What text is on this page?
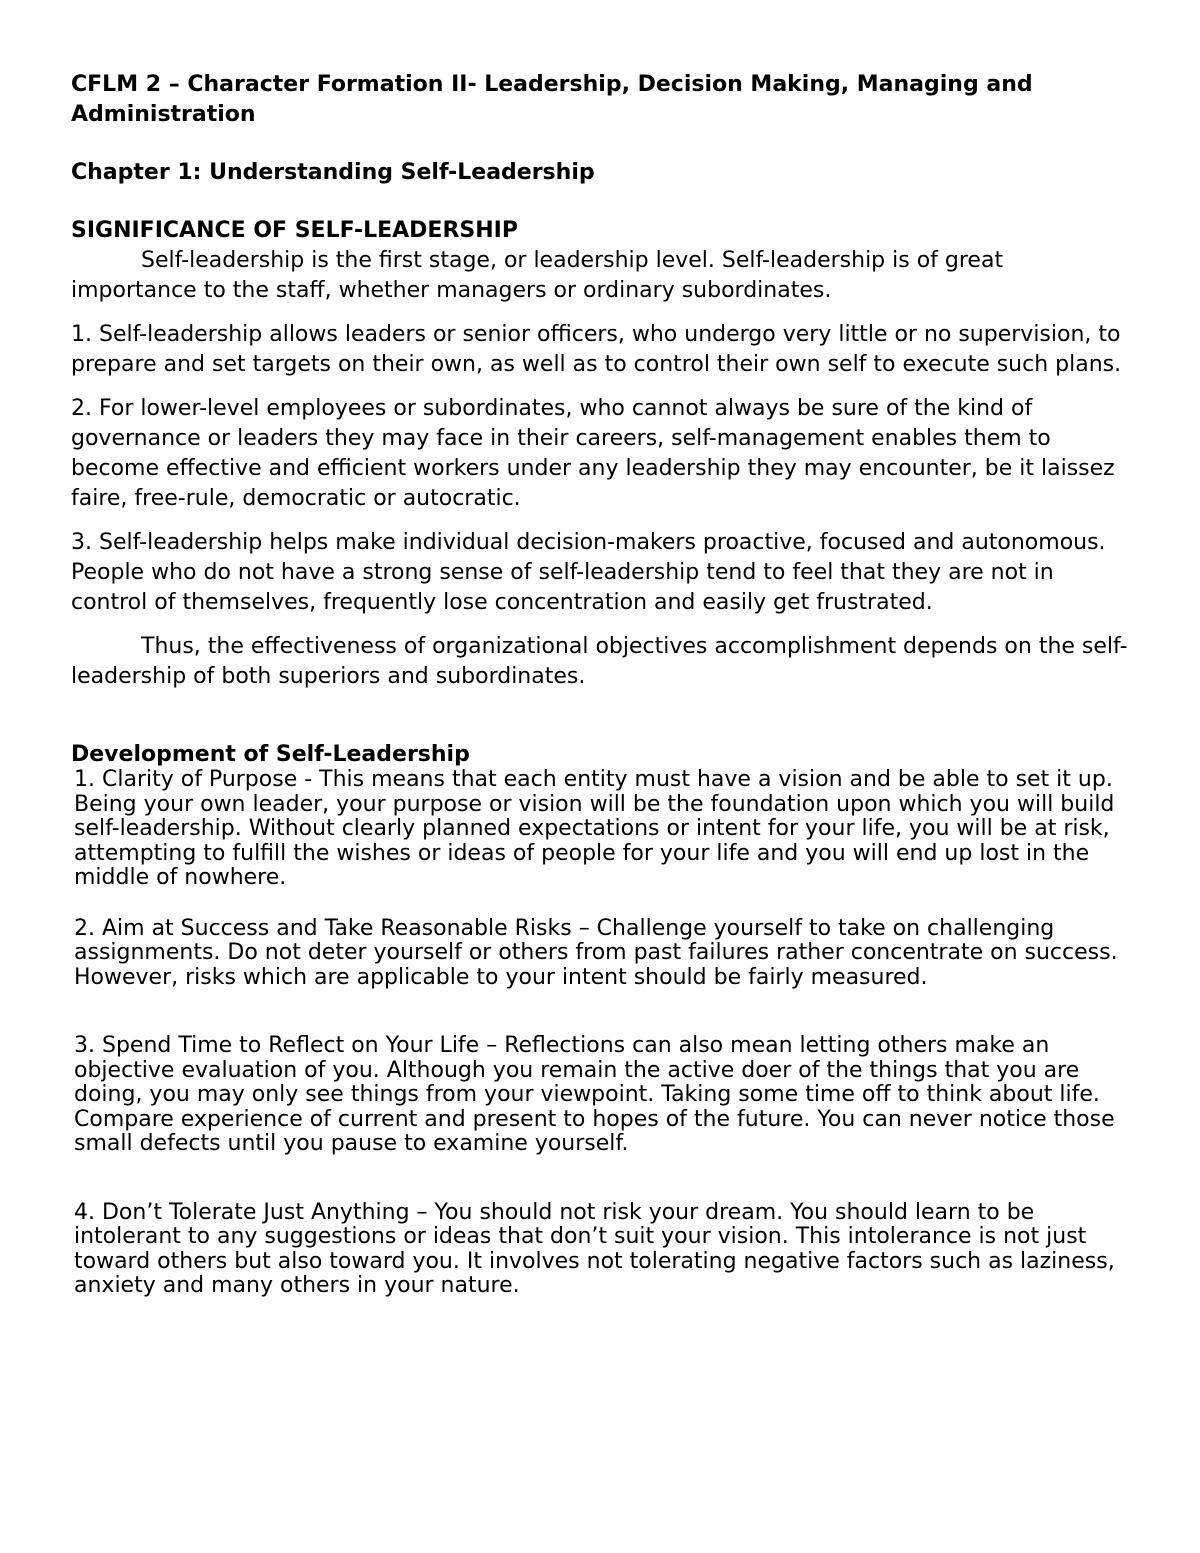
CFLM 2 – Character Formation II- Leadership, Decision Making, Managing and Administration

Chapter 1: Understanding Self-Leadership

SIGNIFICANCE OF SELF-LEADERSHIP

Self-leadership is the first stage, or leadership level. Self-leadership is of great importance to the staff, whether managers or ordinary subordinates.

1. Self-leadership allows leaders or senior officers, who undergo very little or no supervision, to prepare and set targets on their own, as well as to control their own self to execute such plans.

2. For lower-level employees or subordinates, who cannot always be sure of the kind of governance or leaders they may face in their careers, self-management enables them to become effective and efficient workers under any leadership they may encounter, be it laissez faire, free-rule, democratic or autocratic.

3. Self-leadership helps make individual decision-makers proactive, focused and autonomous. People who do not have a strong sense of self-leadership tend to feel that they are not in control of themselves, frequently lose concentration and easily get frustrated.

Thus, the effectiveness of organizational objectives accomplishment depends on the self-leadership of both superiors and subordinates.

Development of Self-Leadership

1. Clarity of Purpose - This means that each entity must have a vision and be able to set it up. Being your own leader, your purpose or vision will be the foundation upon which you will build self-leadership. Without clearly planned expectations or intent for your life, you will be at risk, attempting to fulfill the wishes or ideas of people for your life and you will end up lost in the middle of nowhere.

2. Aim at Success and Take Reasonable Risks – Challenge yourself to take on challenging assignments. Do not deter yourself or others from past failures rather concentrate on success. However, risks which are applicable to your intent should be fairly measured.

3. Spend Time to Reflect on Your Life – Reflections can also mean letting others make an objective evaluation of you. Although you remain the active doer of the things that you are doing, you may only see things from your viewpoint. Taking some time off to think about life. Compare experience of current and present to hopes of the future. You can never notice those small defects until you pause to examine yourself.

4. Don’t Tolerate Just Anything – You should not risk your dream. You should learn to be intolerant to any suggestions or ideas that don’t suit your vision. This intolerance is not just toward others but also toward you. It involves not tolerating negative factors such as laziness, anxiety and many others in your nature.
